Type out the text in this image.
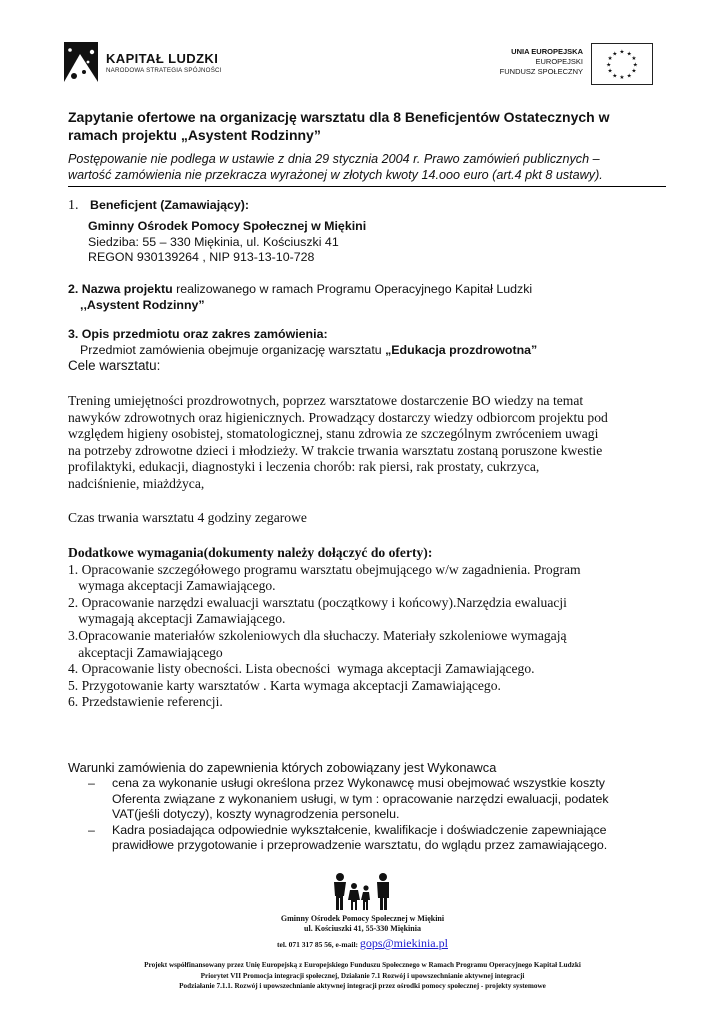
KAPITAŁ LUDZKI
NARODOWA STRATEGIA SPÓJNOŚCI
UNIA EUROPEJSKA
EUROPEJSKI
FUNDUSZ SPOŁECZNY
★ ★
★
★
★
★
★
★
★
★
★
★
Zapytanie ofertowe na organizację warsztatu dla 8 Beneficjentów Ostatecznych w
ramach projektu „Asystent Rodzinny”
Postępowanie nie podlega w ustawie z dnia 29 stycznia 2004 r. Prawo zamówień publicznych –
wartość zamówienia nie przekracza wyrażonej w złotych kwoty 14.ooo euro (art.4 pkt 8 ustawy).
1. Beneficjent (Zamawiający):
Gminny Ośrodek Pomocy Społecznej w Miękini
Siedziba: 55 – 330 Miękinia, ul. Kościuszki 41
REGON 930139264 , NIP 913-13-10-728
2. Nazwa projektu realizowanego w ramach Programu Operacyjnego Kapitał Ludzki
,,Asystent Rodzinny”
3. Opis przedmiotu oraz zakres zamówienia:
Przedmiot zamówienia obejmuje organizację warsztatu „Edukacja prozdrowotna”
Cele warsztatu:
Trening umiejętności prozdrowotnych, poprzez warsztatowe dostarczenie BO wiedzy na temat
nawyków zdrowotnych oraz higienicznych. Prowadzący dostarczy wiedzy odbiorcom projektu pod
względem higieny osobistej, stomatologicznej, stanu zdrowia ze szczególnym zwróceniem uwagi
na potrzeby zdrowotne dzieci i młodzieży. W trakcie trwania warsztatu zostaną poruszone kwestie
profilaktyki, edukacji, diagnostyki i leczenia chorób: rak piersi, rak prostaty, cukrzyca,
nadciśnienie, miażdżyca,
Czas trwania warsztatu 4 godziny zegarowe
Dodatkowe wymagania(dokumenty należy dołączyć do oferty):
1. Opracowanie szczegółowego programu warsztatu obejmującego w/w zagadnienia. Program
wymaga akceptacji Zamawiającego.
2. Opracowanie narzędzi ewaluacji warsztatu (początkowy i końcowy).Narzędzia ewaluacji
wymagają akceptacji Zamawiającego.
3.Opracowanie materiałów szkoleniowych dla słuchaczy. Materiały szkoleniowe wymagają
akceptacji Zamawiającego
4. Opracowanie listy obecności. Lista obecności  wymaga akceptacji Zamawiającego.
5. Przygotowanie karty warsztatów . Karta wymaga akceptacji Zamawiającego.
6. Przedstawienie referencji.
Warunki zamówienia do zapewnienia których zobowiązany jest Wykonawca
– cena za wykonanie usługi określona przez Wykonawcę musi obejmować wszystkie koszty
Oferenta związane z wykonaniem usługi, w tym : opracowanie narzędzi ewaluacji, podatek
VAT(jeśli dotyczy), koszty wynagrodzenia personelu.
– Kadra posiadająca odpowiednie wykształcenie, kwalifikacje i doświadczenie zapewniające
prawidłowe przygotowanie i przeprowadzenie warsztatu, do wglądu przez zamawiającego.
Gminny Ośrodek Pomocy Społecznej w Miękini
ul. Kościuszki 41, 55-330 Miękinia
tel. 071 317 85 56, e-mail: gops@miekinia.pl
Projekt współfinansowany przez Unię Europejską z Europejskiego Funduszu Społecznego w Ramach Programu Operacyjnego Kapitał Ludzki
Priorytet VII Promocja integracji społecznej, Działanie 7.1 Rozwój i upowszechnianie aktywnej integracji
Podziałanie 7.1.1. Rozwój i upowszechnianie aktywnej integracji przez ośrodki pomocy społecznej - projekty systemowe
